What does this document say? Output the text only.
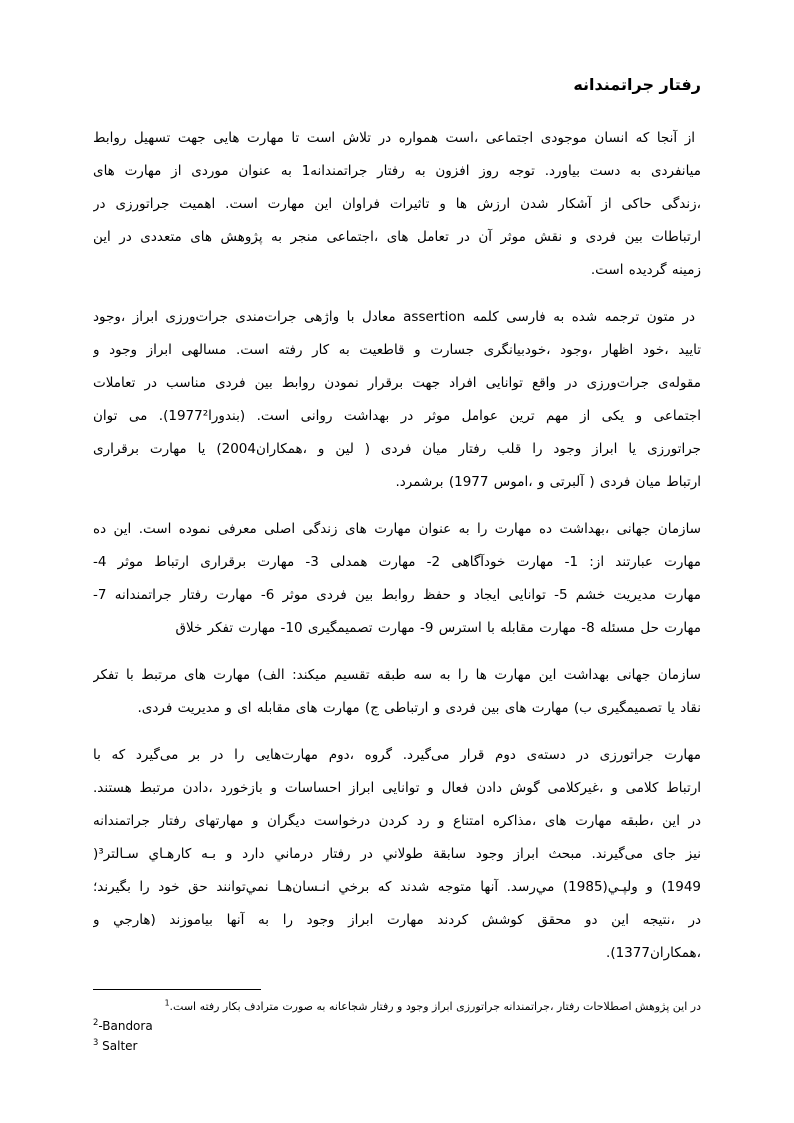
رفتار جراتمندانه
از آنجا که انسان موجودی اجتماعی ،است همواره در تلاش است تا مهارت هایی جهت تسهیل روابط
میانفردی به دست بیاورد. توجه روز افزون به رفتار جراتمندانه1 به عنوان موردی از مهارت های
،زندگی حاکی از آشکار شدن ارزش ها و تاثیرات فراوان این مهارت است. اهمیت جراتورزی در
ارتباطات بین فردی و نقش موثر آن در تعامل های ،اجتماعی منجر به پژوهش های متعددی در این
زمینه گردیده است.
در متون ترجمه شده به فارسی کلمه assertion معادل با واژهی جرات‌مندی جرات‌ورزی ابراز ،وجود
تایید ،خود اظهار ،وجود ،خودبیانگری جسارت و قاطعیت به کار رفته است. مسالهی ابراز وجود و
مقوله‌ی جرات‌ورزی در واقع توانایی افراد جهت برقرار نمودن روابط بین فردی مناسب در تعاملات
اجتماعی و یکی از مهم ترین عوامل موثر در بهداشت روانی است. (بندورا1977²). می توان
جراتورزی یا ابراز وجود را قلب رفتار میان فردی ( لین و ،همکاران2004) یا مهارت برقراری
ارتباط میان فردی ( آلبرتی و ،اموس 1977) برشمرد.
سازمان جهانی ،بهداشت ده مهارت را به عنوان مهارت های زندگی اصلی معرفی نموده است. این ده
مهارت عبارتند از: 1- مهارت خودآگاهی 2- مهارت همدلی 3- مهارت برقراری ارتباط موثر 4-
مهارت مدیریت خشم 5- توانایی ایجاد و حفظ روابط بین فردی موثر 6- مهارت رفتار جراتمندانه 7-
مهارت حل مسئله 8- مهارت مقابله با استرس 9- مهارت تصمیمگیری 10- مهارت تفکر خلاق
سازمان جهانی بهداشت این مهارت ها را به سه طبقه تقسیم میکند: الف) مهارت های مرتبط با تفکر
نقاد یا تصمیمگیری ب) مهارت های بین فردی و ارتباطی ج) مهارت های مقابله ای و مدیریت فردی.
مهارت جراتورزی در دسته‌ی دوم قرار می‌گیرد. گروه ،دوم مهارت‌هایی را در بر می‌گیرد که با
ارتباط کلامی و ،غیرکلامی گوش دادن فعال و توانایی ابراز احساسات و بازخورد ،دادن مرتبط هستند.
در این ،طبقه مهارت های ،مذاکره امتناع و رد کردن درخواست دیگران و مهارتهای رفتار جراتمندانه
نیز جای می‌گیرند. مبحث ابراز وجود سابقة طولاني در رفتار درماني دارد و بـه کارهـاي سـالتر³(
1949) و ولپـي(1985) مي‌رسد. آنها متوجه شدند که برخي انـسان‌هـا نمي‌توانند حق خود را بگيرند؛
در ،نتيجه اين دو محقق کوشش کردند مهارت ابراز وجود را به آنها بياموزند (هارجي و
،همکاران1377).
در این پژوهش اصطلاحات رفتار ،جراتمندانه جراتورزی ابراز وجود و رفتار شجاعانه به صورت مترادف بكار رفته است.$^1$
$^2$-Bandora
$^3$ Salter
